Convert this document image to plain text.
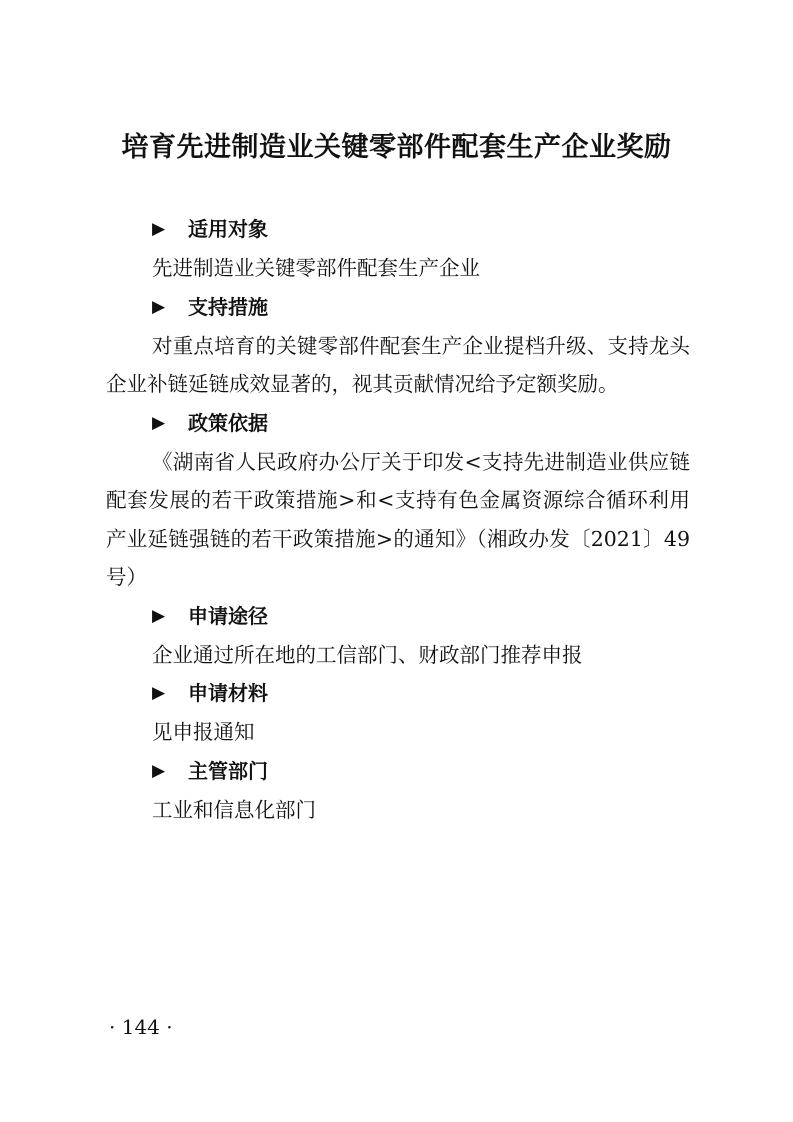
培育先进制造业关键零部件配套生产企业奖励
▶	适用对象

先进制造业关键零部件配套生产企业

▶	支持措施

对重点培育的关键零部件配套生产企业提档升级、支持龙头企业补链延链成效显著的，视其贡献情况给予定额奖励。

▶	政策依据

《湖南省人民政府办公厅关于印发<支持先进制造业供应链配套发展的若干政策措施>和<支持有色金属资源综合循环利用产业延链强链的若干政策措施>的通知》（湘政办发〔2021〕49号）

▶	申请途径

企业通过所在地的工信部门、财政部门推荐申报

▶	申请材料

见申报通知

▶	主管部门

工业和信息化部门

· 144 ·
